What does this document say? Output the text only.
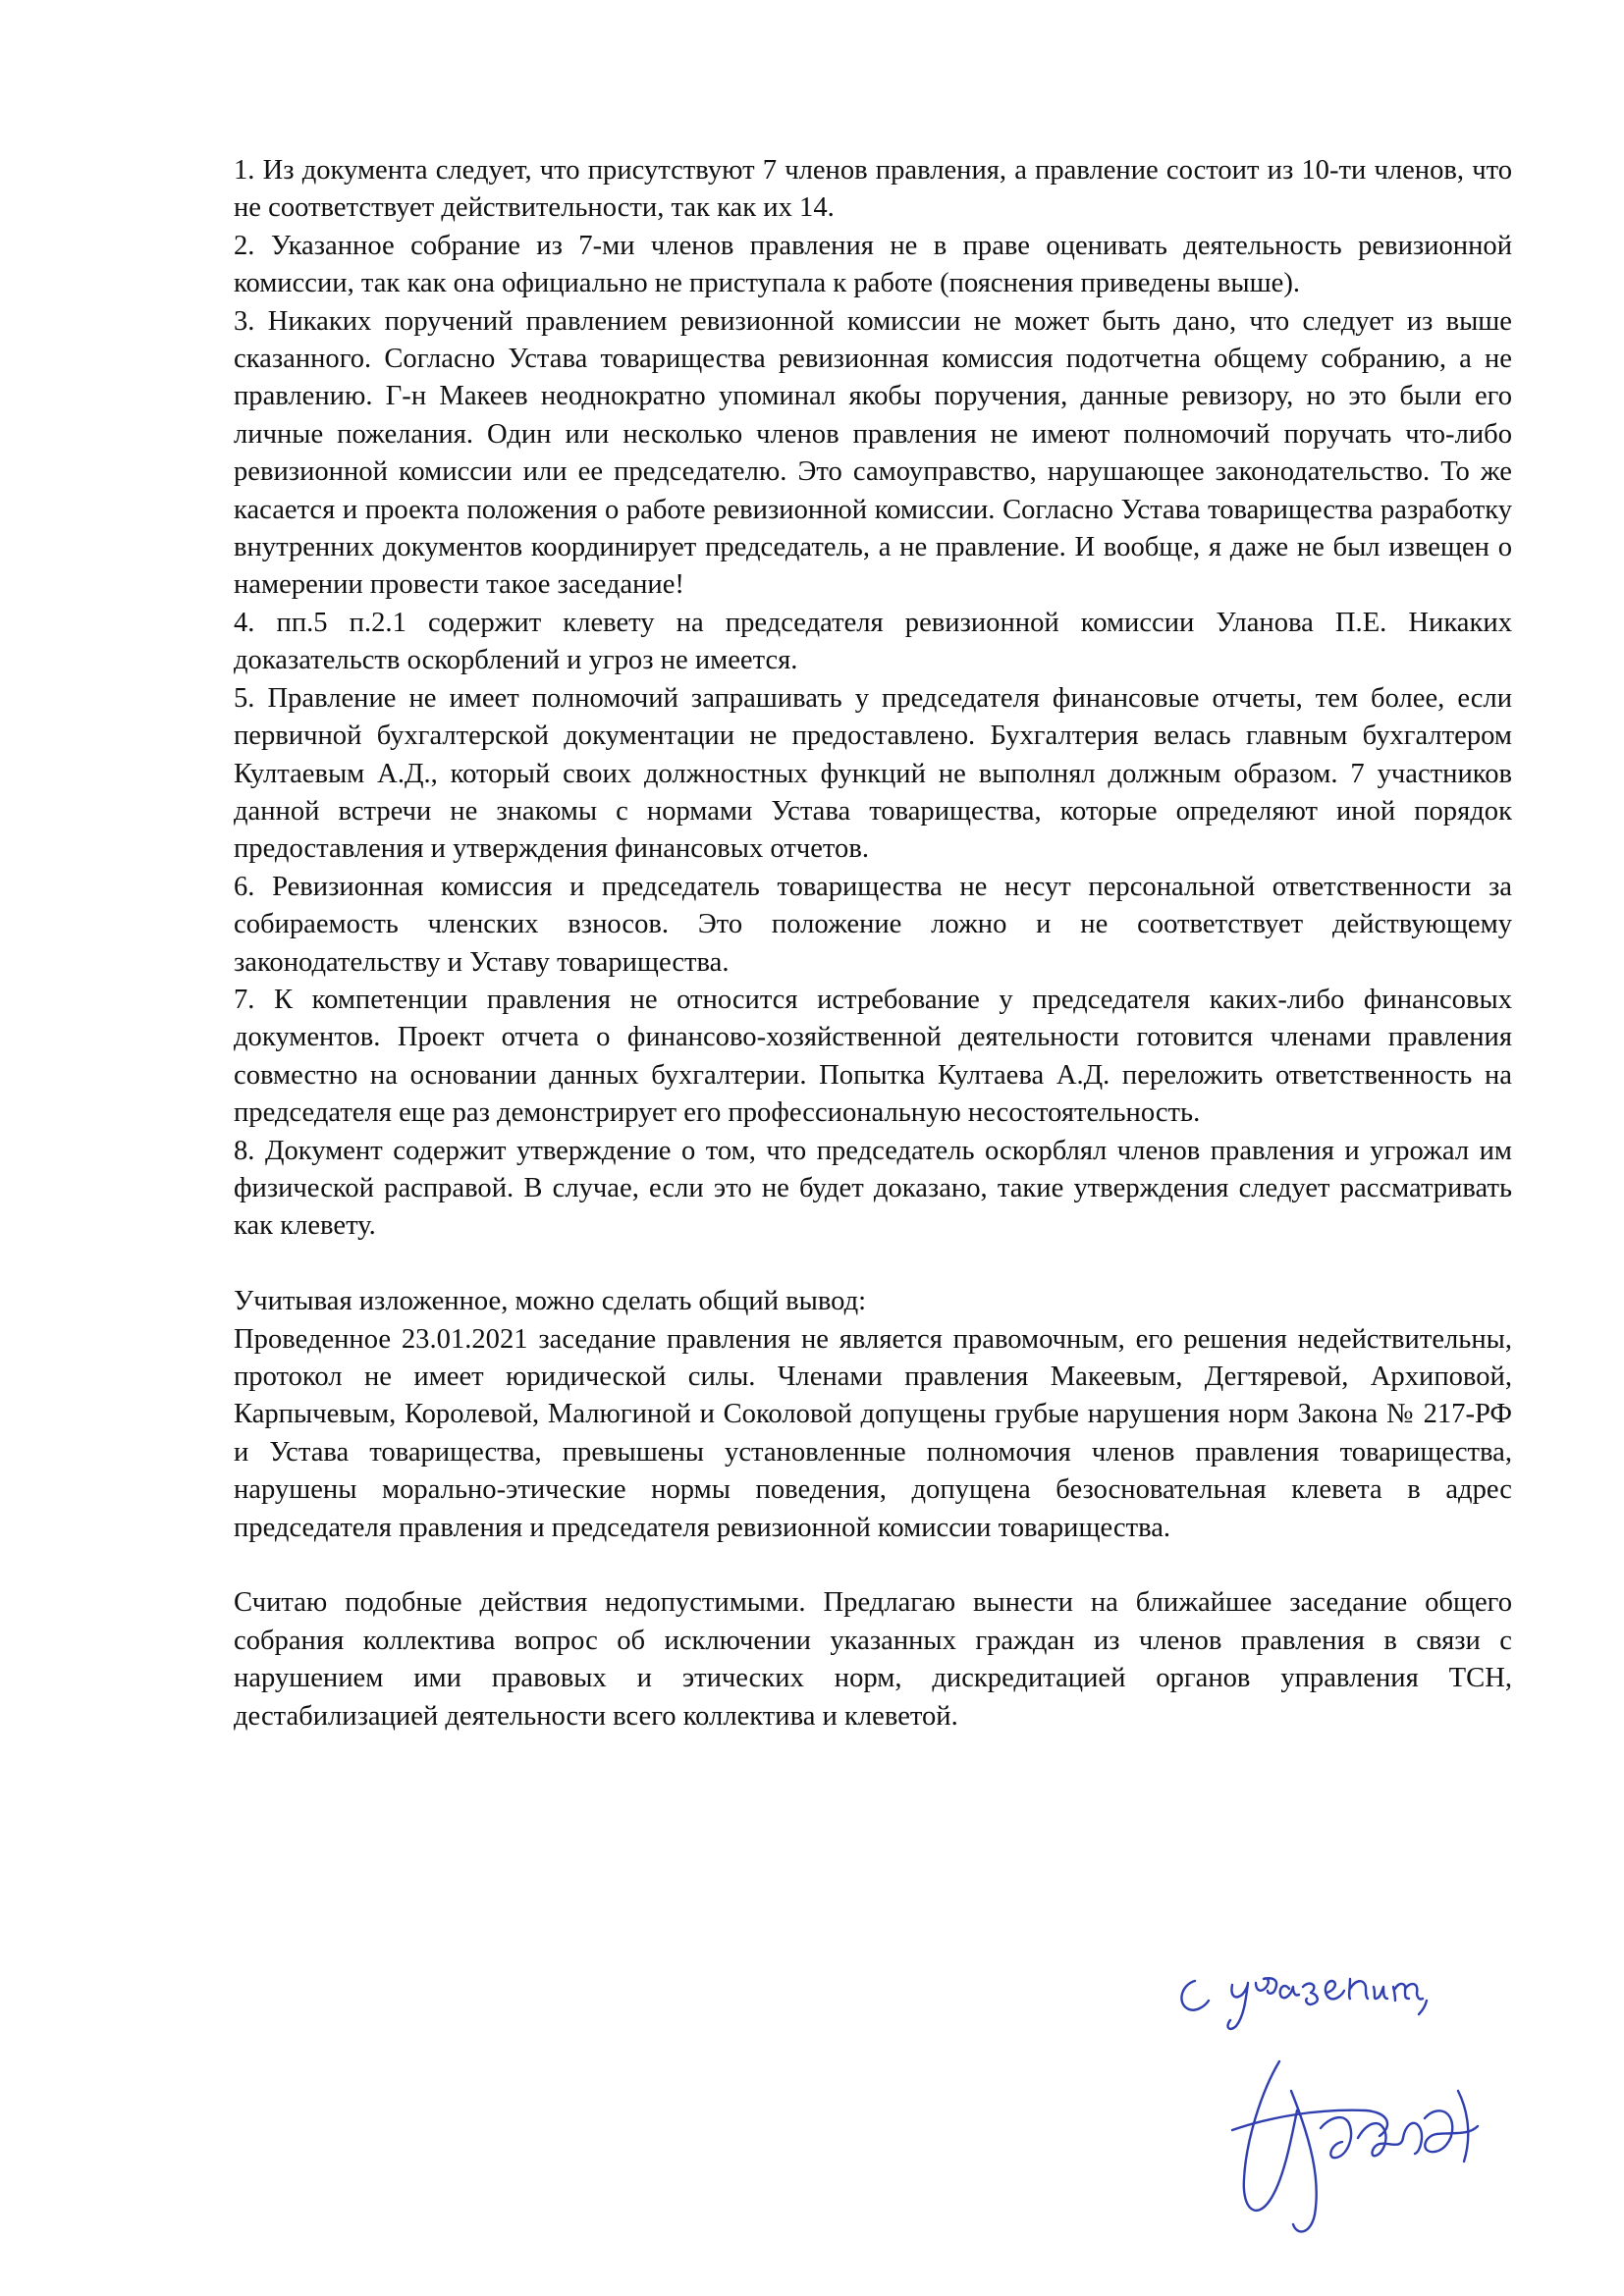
1. Из документа следует, что присутствуют 7 членов правления, а правление состоит из 10-ти членов, что не соответствует действительности, так как их 14.

2. Указанное собрание из 7-ми членов правления не в праве оценивать деятельность ревизионной комиссии, так как она официально не приступала к работе (пояснения приведены выше).

3. Никаких поручений правлением ревизионной комиссии не может быть дано, что следует из выше сказанного. Согласно Устава товарищества ревизионная комиссия подотчетна общему собранию, а не правлению. Г-н Макеев неоднократно упоминал якобы поручения, данные ревизору, но это были его личные пожелания. Один или несколько членов правления не имеют полномочий поручать что-либо ревизионной комиссии или ее председателю. Это самоуправство, нарушающее законодательство. То же касается и проекта положения о работе ревизионной комиссии. Согласно Устава товарищества разработку внутренних документов координирует председатель, а не правление. И вообще, я даже не был извещен о намерении провести такое заседание!

4. пп.5 п.2.1 содержит клевету на председателя ревизионной комиссии Уланова П.Е. Никаких доказательств оскорблений и угроз не имеется.

5. Правление не имеет полномочий запрашивать у председателя финансовые отчеты, тем более, если первичной бухгалтерской документации не предоставлено. Бухгалтерия велась главным бухгалтером Култаевым А.Д., который своих должностных функций не выполнял должным образом. 7 участников данной встречи не знакомы с нормами Устава товарищества, которые определяют иной порядок предоставления и утверждения финансовых отчетов.

6. Ревизионная комиссия и председатель товарищества не несут персональной ответственности за собираемость членских взносов. Это положение ложно и не соответствует действующему законодательству и Уставу товарищества.

7. К компетенции правления не относится истребование у председателя каких-либо финансовых документов. Проект отчета о финансово-хозяйственной деятельности готовится членами правления совместно на основании данных бухгалтерии. Попытка Култаева А.Д. переложить ответственность на председателя еще раз демонстрирует его профессиональную несостоятельность.

8. Документ содержит утверждение о том, что председатель оскорблял членов правления и угрожал им физической расправой. В случае, если это не будет доказано, такие утверждения следует рассматривать как клевету.

Учитывая изложенное, можно сделать общий вывод:

Проведенное 23.01.2021 заседание правления не является правомочным, его решения недействительны, протокол не имеет юридической силы. Членами правления Макеевым, Дегтяревой, Архиповой, Карпычевым, Королевой, Малюгиной и Соколовой допущены грубые нарушения норм Закона № 217-РФ и Устава товарищества, превышены установленные полномочия членов правления товарищества, нарушены морально-этические нормы поведения, допущена безосновательная клевета в адрес председателя правления и председателя ревизионной комиссии товарищества.

Считаю подобные действия недопустимыми. Предлагаю вынести на ближайшее заседание общего собрания коллектива вопрос об исключении указанных граждан из членов правления в связи с нарушением ими правовых и этических норм, дискредитацией органов управления ТСН, дестабилизацией деятельности всего коллектива и клеветой.
